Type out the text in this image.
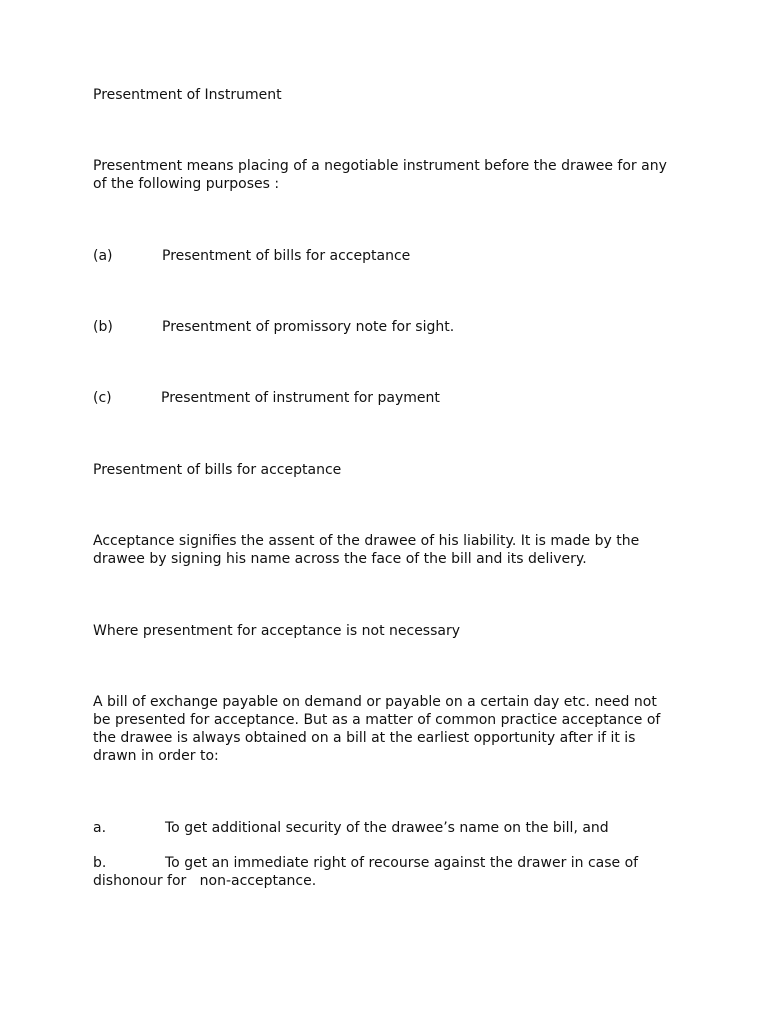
Presentment of Instrument
Presentment means placing of a negotiable instrument before the drawee for any
of the following purposes :
(a)	Presentment of bills for acceptance
(b)	Presentment of promissory note for sight.
(c)	Presentment of instrument for payment
Presentment of bills for acceptance
Acceptance signifies the assent of the drawee of his liability. It is made by the
drawee by signing his name across the face of the bill and its delivery.
Where presentment for acceptance is not necessary
A bill of exchange payable on demand or payable on a certain day etc. need not
be presented for acceptance. But as a matter of common practice acceptance of
the drawee is always obtained on a bill at the earliest opportunity after if it is
drawn in order to:
a.	To get additional security of the drawee’s name on the bill, and
b.	To get an immediate right of recourse against the drawer in case of
dishonour for   non-acceptance.
